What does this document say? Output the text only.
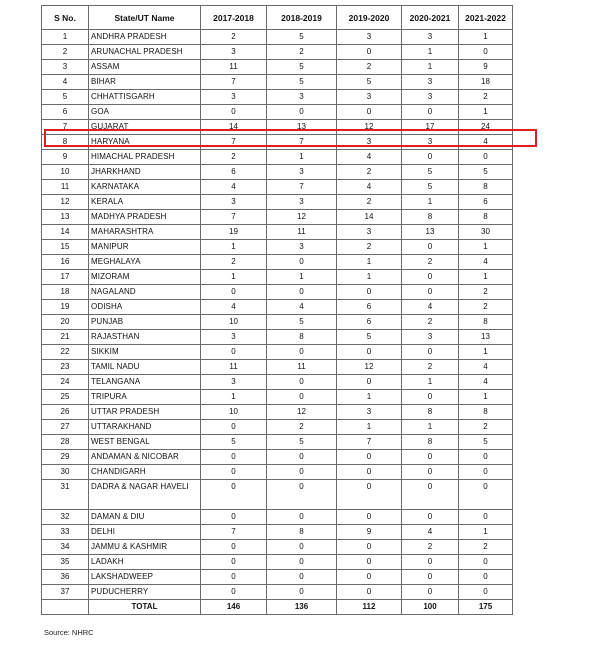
S No.	State/UT Name	2017-2018	2018-2019	2019-2020	2020-2021	2021-2022
1	ANDHRA PRADESH	2	5	3	3	1
2	ARUNACHAL PRADESH	3	2	0	1	0
3	ASSAM	11	5	2	1	9
4	BIHAR	7	5	5	3	18
5	CHHATTISGARH	3	3	3	3	2
6	GOA	0	0	0	0	1
7	GUJARAT	14	13	12	17	24
8	HARYANA	7	7	3	3	4
9	HIMACHAL PRADESH	2	1	4	0	0
10	JHARKHAND	6	3	2	5	5
11	KARNATAKA	4	7	4	5	8
12	KERALA	3	3	2	1	6
13	MADHYA PRADESH	7	12	14	8	8
14	MAHARASHTRA	19	11	3	13	30
15	MANIPUR	1	3	2	0	1
16	MEGHALAYA	2	0	1	2	4
17	MIZORAM	1	1	1	0	1
18	NAGALAND	0	0	0	0	2
19	ODISHA	4	4	6	4	2
20	PUNJAB	10	5	6	2	8
21	RAJASTHAN	3	8	5	3	13
22	SIKKIM	0	0	0	0	1
23	TAMIL NADU	11	11	12	2	4
24	TELANGANA	3	0	0	1	4
25	TRIPURA	1	0	1	0	1
26	UTTAR PRADESH	10	12	3	8	8
27	UTTARAKHAND	0	2	1	1	2
28	WEST BENGAL	5	5	7	8	5
29	ANDAMAN & NICOBAR	0	0	0	0	0
30	CHANDIGARH	0	0	0	0	0
31	DADRA & NAGAR HAVELI	0	0	0	0	0
32	DAMAN & DIU	0	0	0	0	0
33	DELHI	7	8	9	4	1
34	JAMMU & KASHMIR	0	0	0	2	2
35	LADAKH	0	0	0	0	0
36	LAKSHADWEEP	0	0	0	0	0
37	PUDUCHERRY	0	0	0	0	0
	TOTAL	146	136	112	100	175
Source: NHRC
